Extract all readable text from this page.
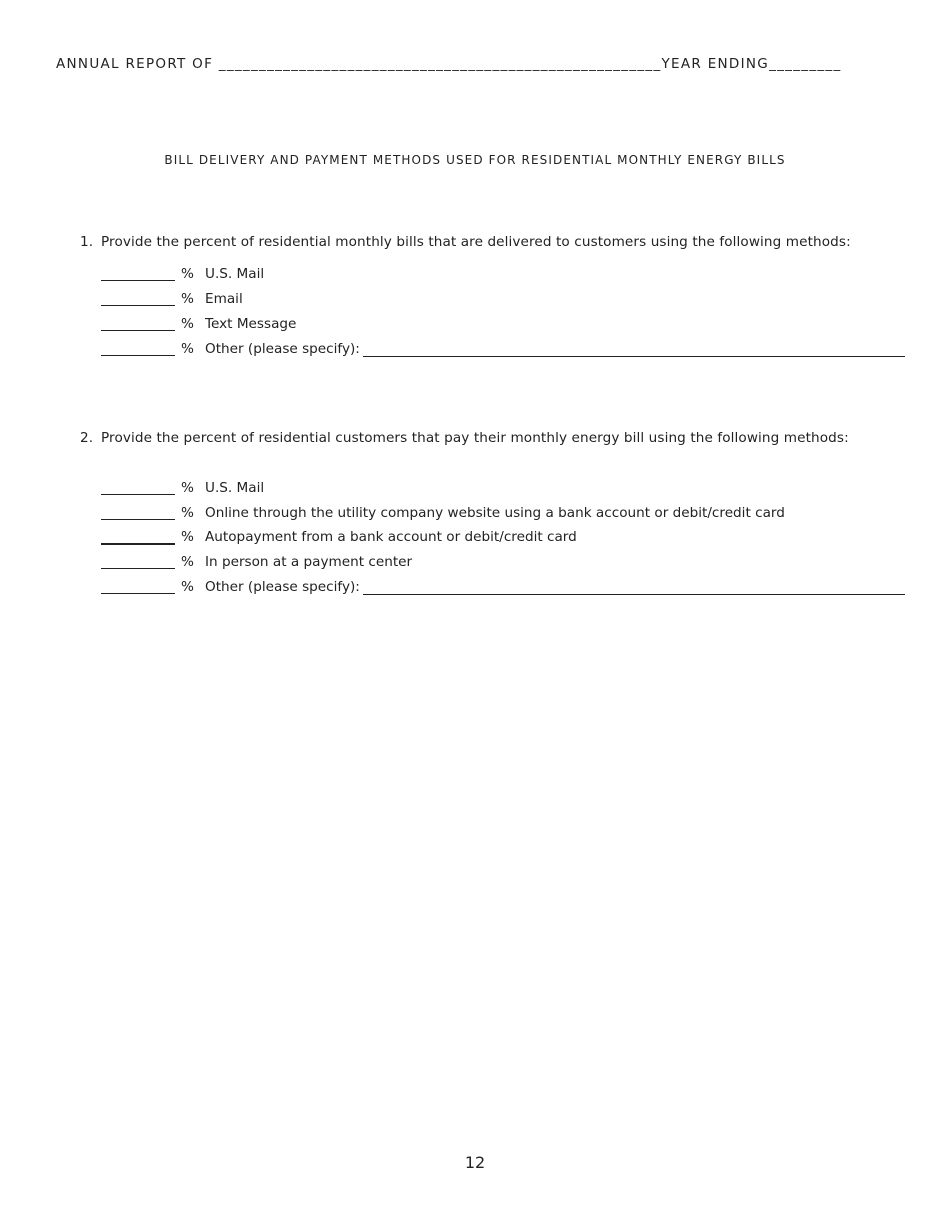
ANNUAL REPORT OF _______________________________________________________YEAR ENDING_________
BILL DELIVERY AND PAYMENT METHODS USED FOR RESIDENTIAL MONTHLY ENERGY BILLS
1. Provide the percent of residential monthly bills that are delivered to customers using the following methods:
% U.S. Mail
% Email
% Text Message
% Other (please specify):
2. Provide the percent of residential customers that pay their monthly energy bill using the following methods:
% U.S. Mail
% Online through the utility company website using a bank account or debit/credit card
% Autopayment from a bank account or debit/credit card
% In person at a payment center
% Other (please specify):
12
